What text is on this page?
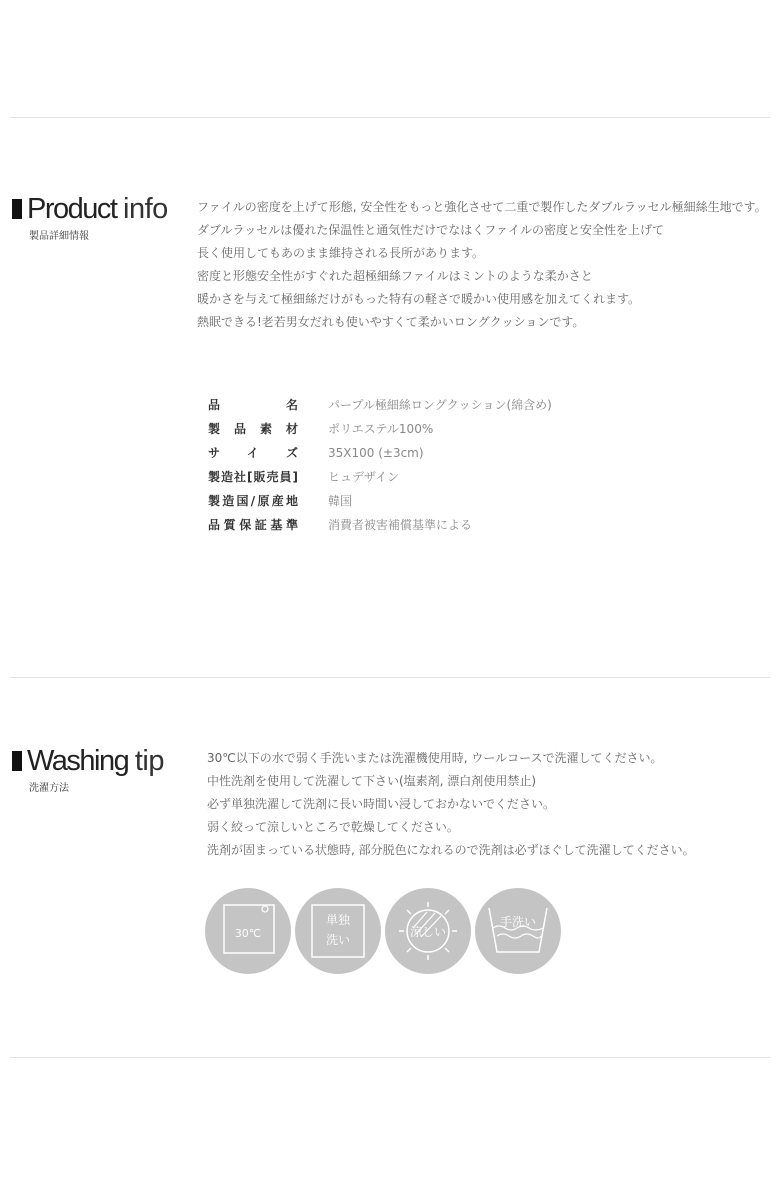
Product info
製品詳細情報

ファイルの密度を上げて形態, 安全性をもっと強化させて二重で製作したダブルラッセル極細絲生地です。

ダブルラッセルは優れた保温性と通気性だけでなはくファイルの密度と安全性を上げて

長く使用してもあのまま維持される長所があります。

密度と形態安全性がすぐれた超極細絲ファイルはミントのような柔かさと

暖かさを与えて極細絲だけがもった特有の軽さで暖かい使用感を加えてくれます。

熱眠できる!老若男女だれも使いやすくて柔かいロングクッションです。

品名	パープル極細絲ロングクッション(綿含め)
製品素材	ポリエステル100%
サイズ	35X100 (±3cm)
製造社[販売員]	ヒュデザイン
製造国/原産地	韓国
品質保証基準	消費者被害補償基準による
Washing tip
洗濯方法

30℃以下の水で弱く手洗いまたは洗濯機使用時, ウールコースで洗濯してください。

中性洗剤を使用して洗濯して下さい(塩素剤, 漂白剤使用禁止)

必ず単独洗濯して洗剤に長い時間い浸しておかないでください。

弱く絞って涼しいところで乾燥してください。

洗剤が固まっている状態時, 部分脱色になれるので洗剤は必ずほぐして洗濯してください。

30℃
単独
洗い
涼しい
手洗い
